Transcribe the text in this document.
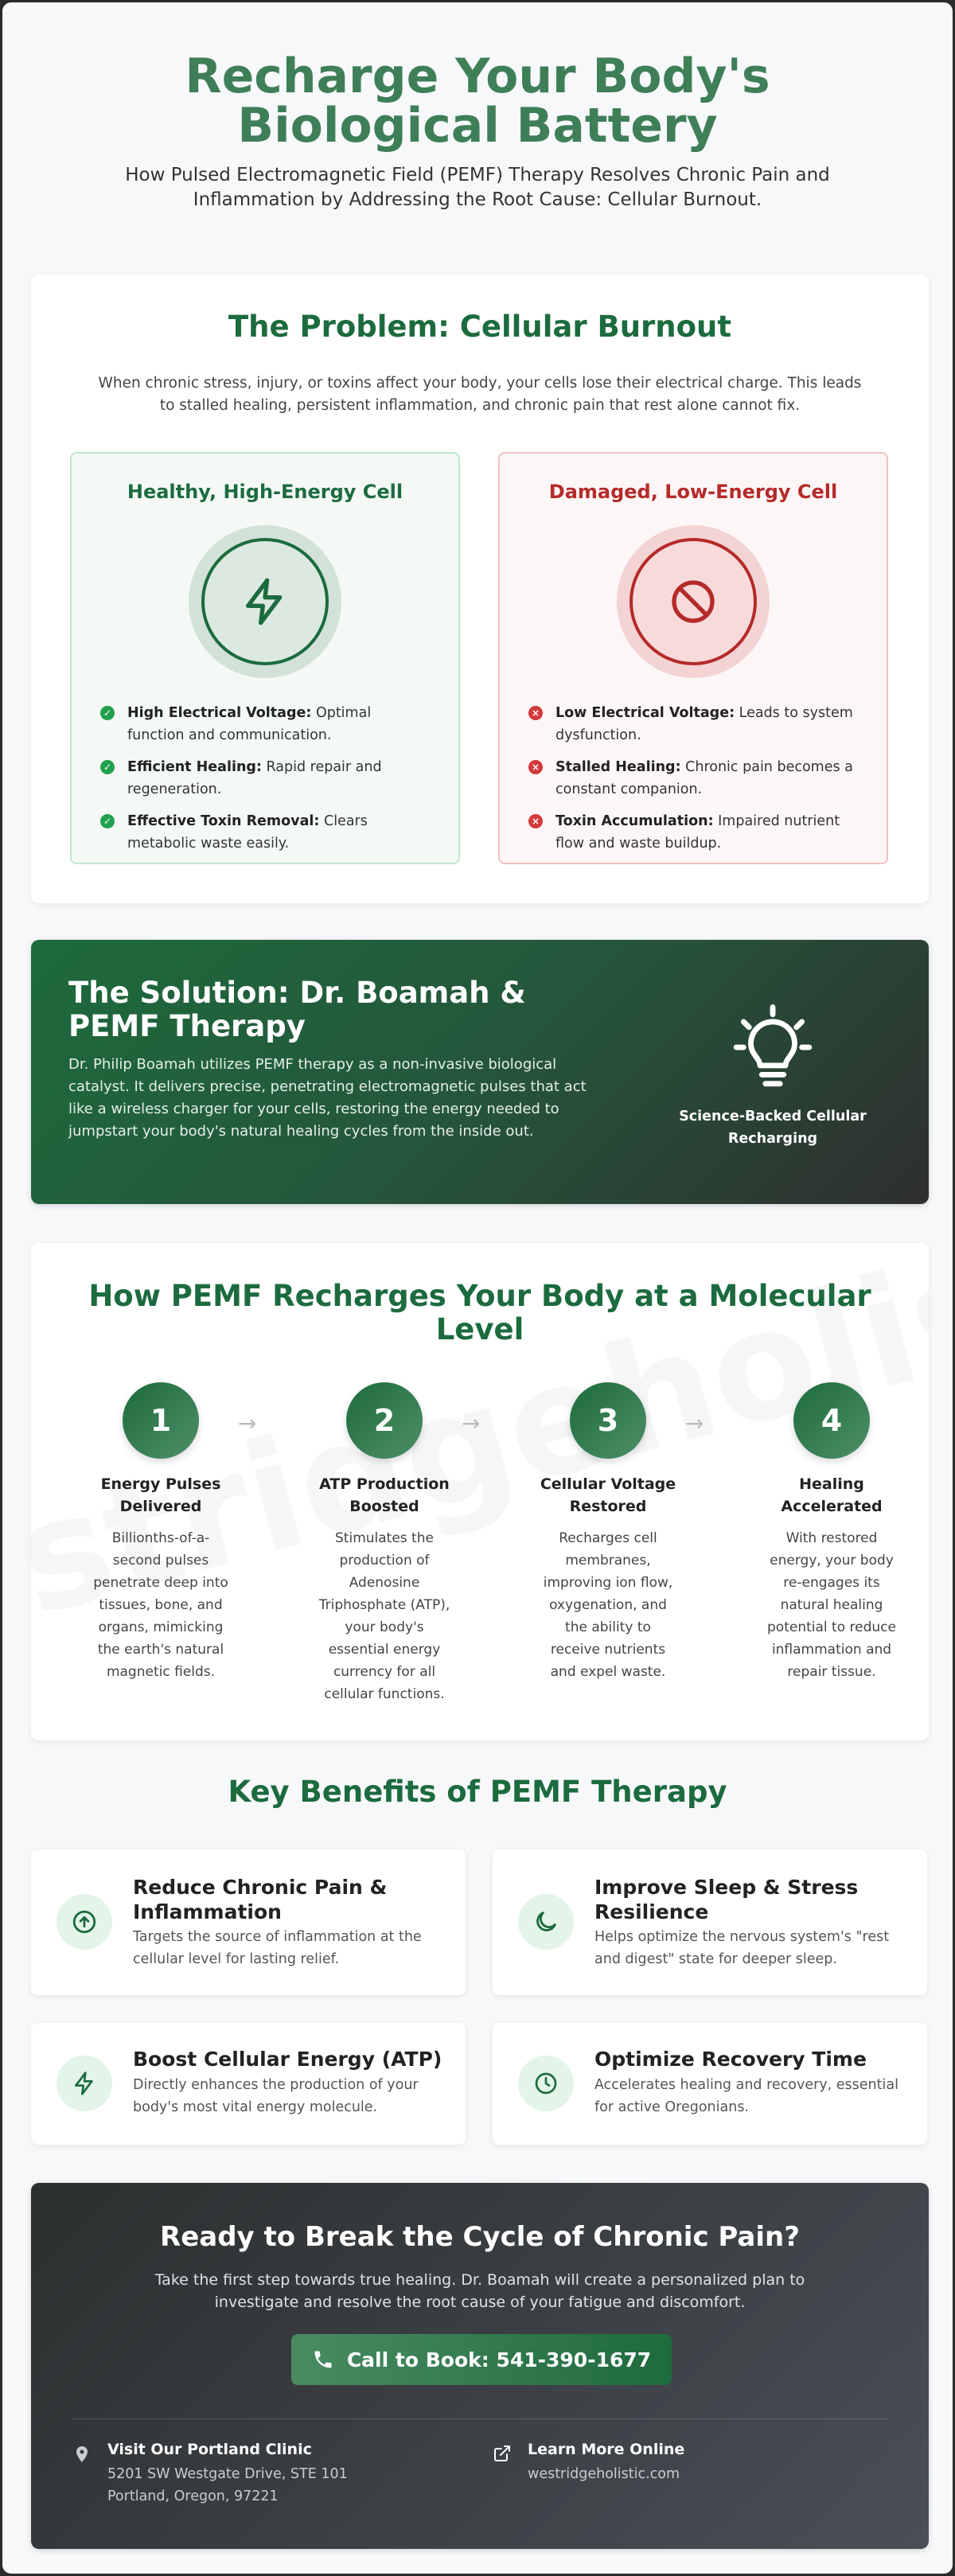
Recharge Your Body's Biological Battery

How Pulsed Electromagnetic Field (PEMF) Therapy Resolves Chronic Pain and Inflammation by Addressing the Root Cause: Cellular Burnout.

The Problem: Cellular Burnout

When chronic stress, injury, or toxins affect your body, your cells lose their electrical charge. This leads to stalled healing, persistent inflammation, and chronic pain that rest alone cannot fix.

Healthy, High-Energy Cell
✓ High Electrical Voltage: Optimal function and communication.
✓ Efficient Healing: Rapid repair and regeneration.
✓ Effective Toxin Removal: Clears metabolic waste easily.
Damaged, Low-Energy Cell
× Low Electrical Voltage: Leads to system dysfunction.
× Stalled Healing: Chronic pain becomes a constant companion.
× Toxin Accumulation: Impaired nutrient flow and waste buildup.
The Solution: Dr. Boamah & PEMF Therapy

Dr. Philip Boamah utilizes PEMF therapy as a non-invasive biological catalyst. It delivers precise, penetrating electromagnetic pulses that act like a wireless charger for your cells, restoring the energy needed to jumpstart your body's natural healing cycles from the inside out.

Science-Backed Cellular Recharging
How PEMF Recharges Your Body at a Molecular Level
1
Energy Pulses Delivered

Billionths-of-a-second pulses penetrate deep into tissues, bone, and organs, mimicking the earth's natural magnetic fields.

→	2
ATP Production Boosted

Stimulates the production of Adenosine Triphosphate (ATP), your body's essential energy currency for all cellular functions.

→	3
Cellular Voltage Restored

Recharges cell membranes, improving ion flow, oxygenation, and the ability to receive nutrients and expel waste.

→	4
Healing Accelerated

With restored energy, your body re-engages its natural healing potential to reduce inflammation and repair tissue.

Key Benefits of PEMF Therapy
Reduce Chronic Pain & Inflammation

Targets the source of inflammation at the cellular level for lasting relief.

Improve Sleep & Stress Resilience

Helps optimize the nervous system's "rest and digest" state for deeper sleep.

Boost Cellular Energy (ATP)

Directly enhances the production of your body's most vital energy molecule.

Optimize Recovery Time

Accelerates healing and recovery, essential for active Oregonians.

Ready to Break the Cycle of Chronic Pain?

Take the first step towards true healing. Dr. Boamah will create a personalized plan to investigate and resolve the root cause of your fatigue and discomfort.

Call to Book: 541-390-1677
Visit Our Portland Clinic
5201 SW Westgate Drive, STE 101
Portland, Oregon, 97221
Learn More Online
westridgeholistic.com
